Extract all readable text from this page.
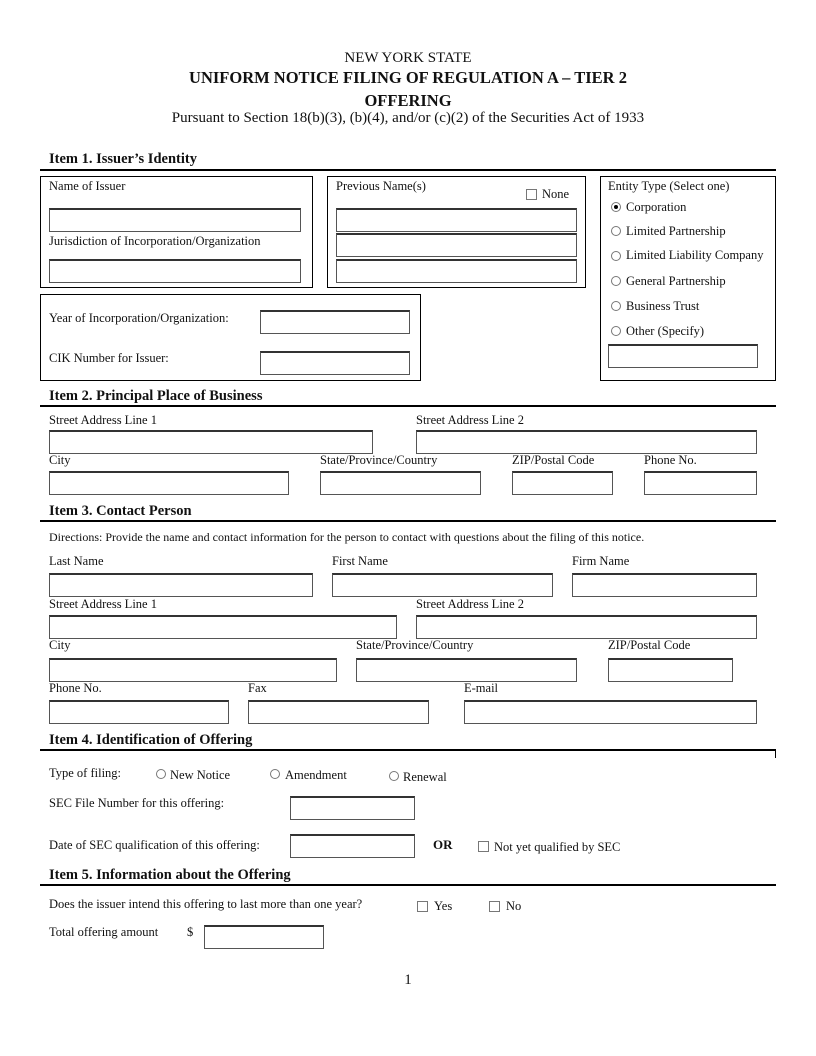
NEW YORK STATE
UNIFORM NOTICE FILING OF REGULATION A – TIER 2
OFFERING
Pursuant to Section 18(b)(3), (b)(4), and/or (c)(2) of the Securities Act of 1933
Item 1. Issuer’s Identity
Name of Issuer
Jurisdiction of Incorporation/Organization
Previous Name(s)
None
Entity Type (Select one)
Corporation
Limited Partnership
Limited Liability Company
General Partnership
Business Trust
Other (Specify)
Year of Incorporation/Organization:
CIK Number for Issuer:
Item 2. Principal Place of Business
Street Address Line 1	Street Address Line 2
City	State/Province/Country	ZIP/Postal Code	Phone No.
Item 3. Contact Person
Directions: Provide the name and contact information for the person to contact with questions about the filing of this notice.
Last Name	First Name	Firm Name
Street Address Line 1	Street Address Line 2
City	State/Province/Country	ZIP/Postal Code
Phone No.	Fax	E-mail
Item 4. Identification of Offering
Type of filing:	New Notice	Amendment	Renewal
SEC File Number for this offering:
Date of SEC qualification of this offering:	OR	Not yet qualified by SEC
Item 5. Information about the Offering
Does the issuer intend this offering to last more than one year?	Yes	No
Total offering amount $
1
